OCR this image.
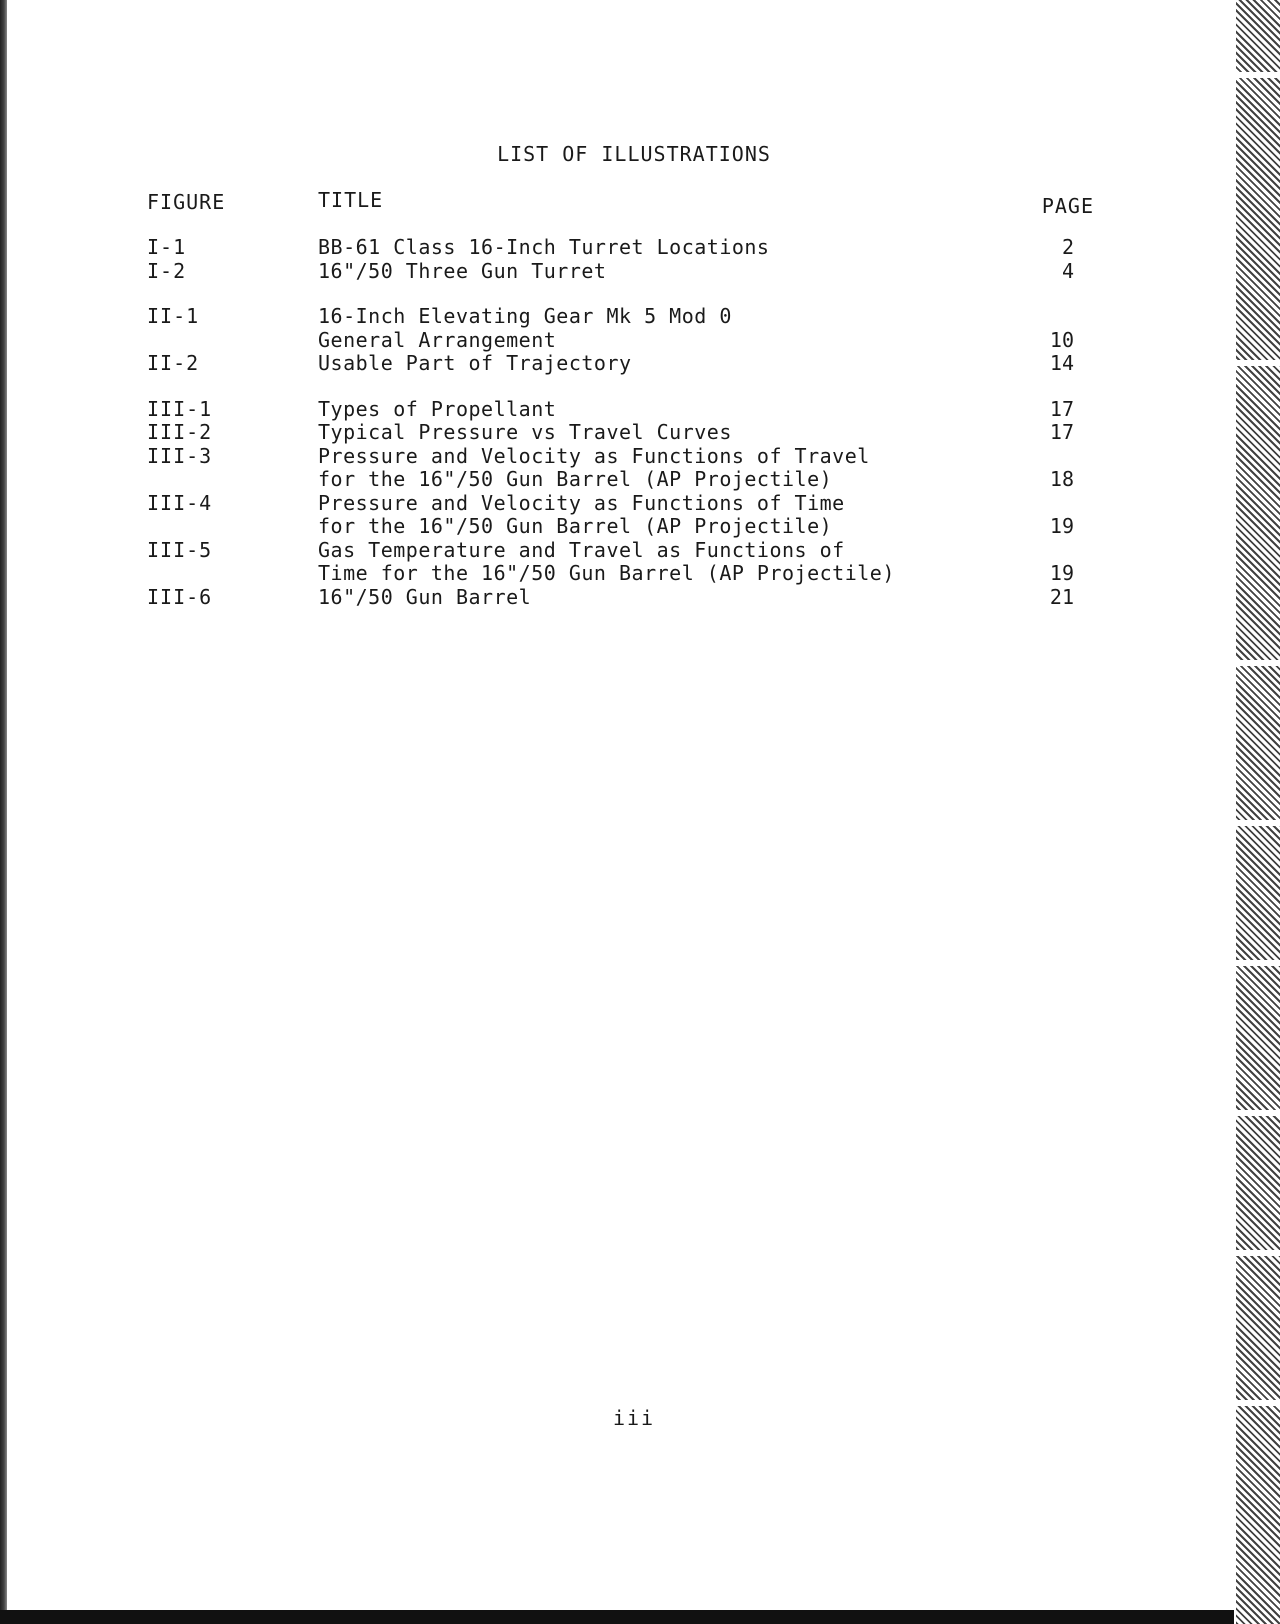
LIST OF ILLUSTRATIONS
FIGURE	TITLE	PAGE
I-1	BB-61 Class 16-Inch Turret Locations	2
I-2	16"/50 Three Gun Turret	4
II-1	16-Inch Elevating Gear Mk 5 Mod 0
General Arrangement	10
II-2	Usable Part of Trajectory	14
III-1	Types of Propellant	17
III-2	Typical Pressure vs Travel Curves	17
III-3	Pressure and Velocity as Functions of Travel
for the 16"/50 Gun Barrel (AP Projectile)	18
III-4	Pressure and Velocity as Functions of Time
for the 16"/50 Gun Barrel (AP Projectile)	19
III-5	Gas Temperature and Travel as Functions of
Time for the 16"/50 Gun Barrel (AP Projectile)	19
III-6	16"/50 Gun Barrel	21
iii
